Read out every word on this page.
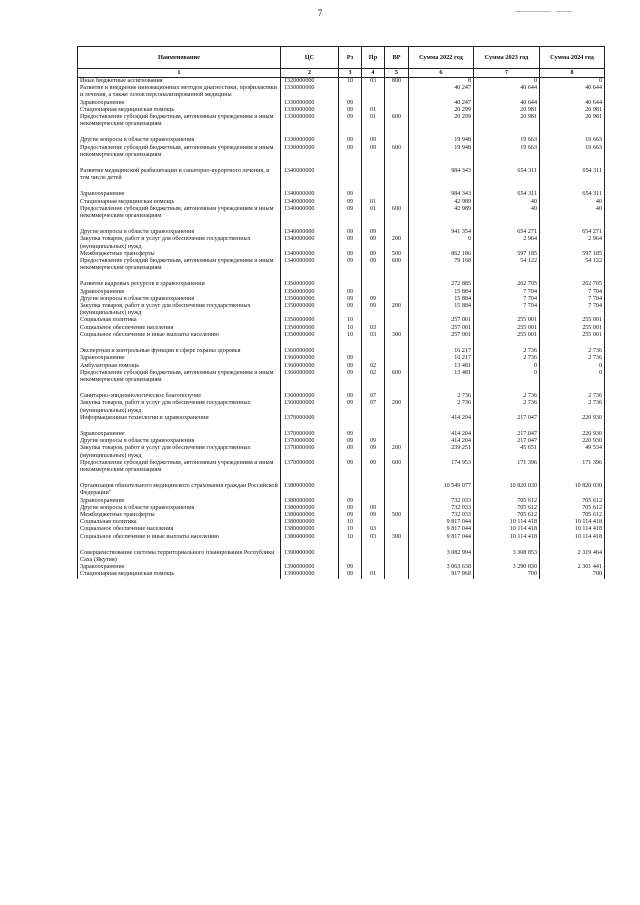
7
Наименование	ЦС	Рз	Пр	ВР	Сумма 2022 год	Сумма 2023 год	Сумма 2024 год
1	2	3	4	5	6	7	8
Иные бюджетные ассигнования	1320000000	10	03	800	8	0	0
Развитие и внедрение инновационных методов диагностики, профилактики и лечения, а также основ персонализированной медицины	1330000000				40 247	40 644	40 644
Здравоохранение	1330000000	09			40 247	40 644	40 644
Стационарная медицинская помощь	1330000000	09	01		20 299	20 981	20 981
Предоставление субсидий бюджетным, автономным учреждениям и иным некоммерческим организациям	1330000000	09	01	600	20 299	20 981	20 981

Другие вопросы в области здравоохранения	1330000000	09	09		19 948	19 663	19 663
Предоставление субсидий бюджетным, автономным учреждениям и иным некоммерческим организациям	1330000000	09	09	600	19 948	19 663	19 663

Развитие медицинской реабилитации и санаторно-курортного лечения, в том числе детей	1340000000				984 343	654 311	654 311

Здравоохранение	1340000000	09			984 343	654 311	654 311
Стационарная медицинская помощь	1340000000	09	01		42 989	40	40
Предоставление субсидий бюджетным, автономным учреждениям и иным некоммерческим организациям	1340000000	09	01	600	42 989	40	40

Другие вопросы в области здравоохранения	1340000000	09	09		941 354	654 271	654 271
Закупка товаров, работ и услуг для обеспечения государственных (муниципальных) нужд	1340000000	09	09	200	0	2 964	2 964
Межбюджетные трансферты	1340000000	09	09	500	862 186	597 185	597 185
Предоставление субсидий бюджетным, автономным учреждениям и иным некоммерческим организациям	1340000000	09	09	600	79 168	54 122	54 122

Развитие кадровых ресурсов в здравоохранении	1350000000				272 885	262 705	262 705
Здравоохранение	1350000000	09			15 884	7 704	7 704
Другие вопросы в области здравоохранения	1350000000	09	09		15 884	7 704	7 704
Закупка товаров, работ и услуг для обеспечения государственных (муниципальных) нужд	1350000000	09	09	200	15 884	7 704	7 704
Социальная политика	1350000000	10			257 001	255 001	255 001
Социальное обеспечение населения	1350000000	10	03		257 001	255 001	255 001
Социальное обеспечение и иные выплаты населению	1350000000	10	03	300	257 001	255 001	255 001

Экспертная и контрольные функции в сфере охраны здоровья	1360000000				16 217	2 736	2 736
Здравоохранение	1360000000	09			16 217	2 736	2 736
Амбулаторная помощь	1360000000	09	02		13 481	0	0
Предоставление субсидий бюджетным, автономным учреждениям и иным некоммерческим организациям	1360000000	09	02	600	13 481	0	0

Санитарно-эпидемиологическое благополучие	1360000000	09	07		2 736	2 736	2 736
Закупка товаров, работ и услуг для обеспечения государственных (муниципальных) нужд	1360000000	09	07	200	2 736	2 736	2 736
Информационные технологии в здравоохранении	1370000000				414 204	217 047	220 930

Здравоохранение	1370000000	09			414 204	217 047	220 930
Другие вопросы в области здравоохранения	1370000000	09	09		414 204	217 047	220 930
Закупка товаров, работ и услуг для обеспечения государственных (муниципальных) нужд	1370000000	09	09	200	239 251	45 651	49 534
Предоставление субсидий бюджетным, автономным учреждениям и иным некоммерческим организациям	1370000000	09	09	600	174 953	171 396	171 396

Организация обязательного медицинского страхования граждан Российской Федерации"	1380000000				10 549 077	10 820 030	10 820 030
Здравоохранение	1380000000	09			732 033	705 612	705 612
Другие вопросы в области здравоохранения	1380000000	09	09		732 033	705 612	705 612
Межбюджетные трансферты	1380000000	09	09	500	732 033	705 612	705 612
Социальная политика	1380000000	10			9 817 044	10 114 418	10 114 418
Социальное обеспечение населения	1380000000	10	03		9 817 044	10 114 418	10 114 418
Социальное обеспечение и иные выплаты населению	1380000000	10	03	300	9 817 044	10 114 418	10 114 418

Совершенствование системы территориального планирования Республики Саха (Якутия)	1390000000				3 082 994	3 308 853	2 319 464
Здравоохранение	1390000000	09			3 063 638	3 290 830	2 301 441
Стационарная медицинская помощь	1390000000	09	01		917 968	700	700
